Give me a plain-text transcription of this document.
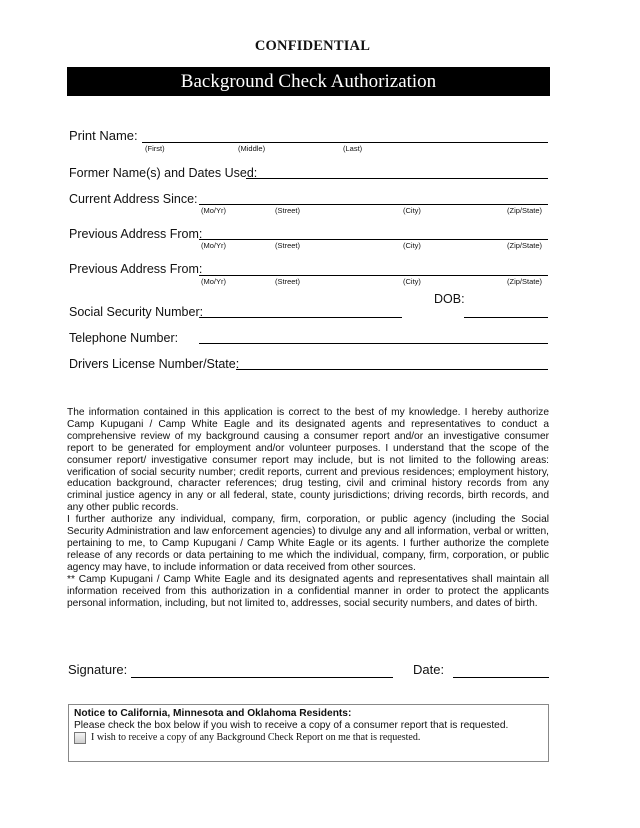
CONFIDENTIAL
Background Check Authorization
Print Name:
(First)	(Middle)	(Last)
Former Name(s) and Dates Used:
Current Address Since:
(Mo/Yr)	(Street)	(City)	(Zip/State)
Previous Address From:
(Mo/Yr)	(Street)	(City)	(Zip/State)
Previous Address From:
(Mo/Yr)	(Street)	(City)	(Zip/State)
DOB:
Social Security Number:
Telephone Number:
Drivers License Number/State:

The information contained in this application is correct to the best of my knowledge. I hereby authorize Camp Kupugani / Camp White Eagle and its designated agents and representatives to conduct a comprehensive review of my background causing a consumer report and/or an investigative consumer report to be generated for employment and/or volunteer purposes. I understand that the scope of the consumer report/ investigative consumer report may include, but is not limited to the following areas: verification of social security number; credit reports, current and previous residences; employment history, education background, character references; drug testing, civil and criminal history records from any criminal justice agency in any or all federal, state, county jurisdictions; driving records, birth records, and any other public records.

I further authorize any individual, company, firm, corporation, or public agency (including the Social Security Administration and law enforcement agencies) to divulge any and all information, verbal or written, pertaining to me, to Camp Kupugani / Camp White Eagle or its agents. I further authorize the complete release of any records or data pertaining to me which the individual, company, firm, corporation, or public agency may have, to include information or data received from other sources.

** Camp Kupugani / Camp White Eagle and its designated agents and representatives shall maintain all information received from this authorization in a confidential manner in order to protect the applicants personal information, including, but not limited to, addresses, social security numbers, and dates of birth.

Signature:	Date:
Notice to California, Minnesota and Oklahoma Residents:
Please check the box below if you wish to receive a copy of a consumer report that is requested.
I wish to receive a copy of any Background Check Report on me that is requested.
